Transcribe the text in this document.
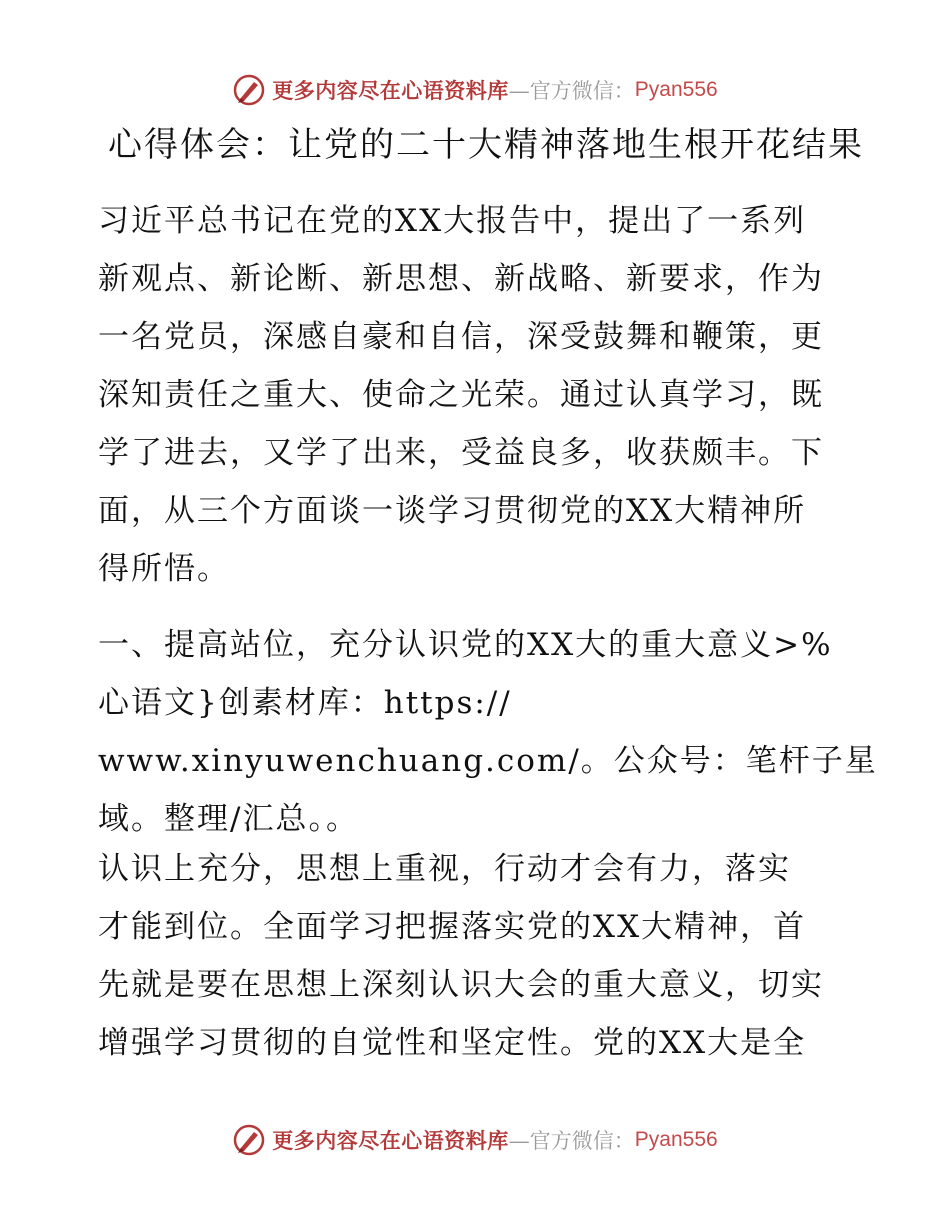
更多内容尽在心语资料库 —官方微信： Pyan556
心得体会：让党的二十大精神落地生根开花结果
习近平总书记在党的XX大报告中，提出了一系列
新观点、新论断、新思想、新战略、新要求，作为
一名党员，深感自豪和自信，深受鼓舞和鞭策，更
深知责任之重大、使命之光荣。通过认真学习，既
学了进去，又学了出来，受益良多，收获颇丰。下
面，从三个方面谈一谈学习贯彻党的XX大精神所
得所悟。
一、提高站位，充分认识党的XX大的重大意义>%
心语文}创素材库：https://
www.xinyuwenchuang.com/。公众号：笔杆子星
域。整理/汇总。。
认识上充分，思想上重视，行动才会有力，落实
才能到位。全面学习把握落实党的XX大精神，首
先就是要在思想上深刻认识大会的重大意义，切实
增强学习贯彻的自觉性和坚定性。党的XX大是全
更多内容尽在心语资料库 —官方微信： Pyan556
